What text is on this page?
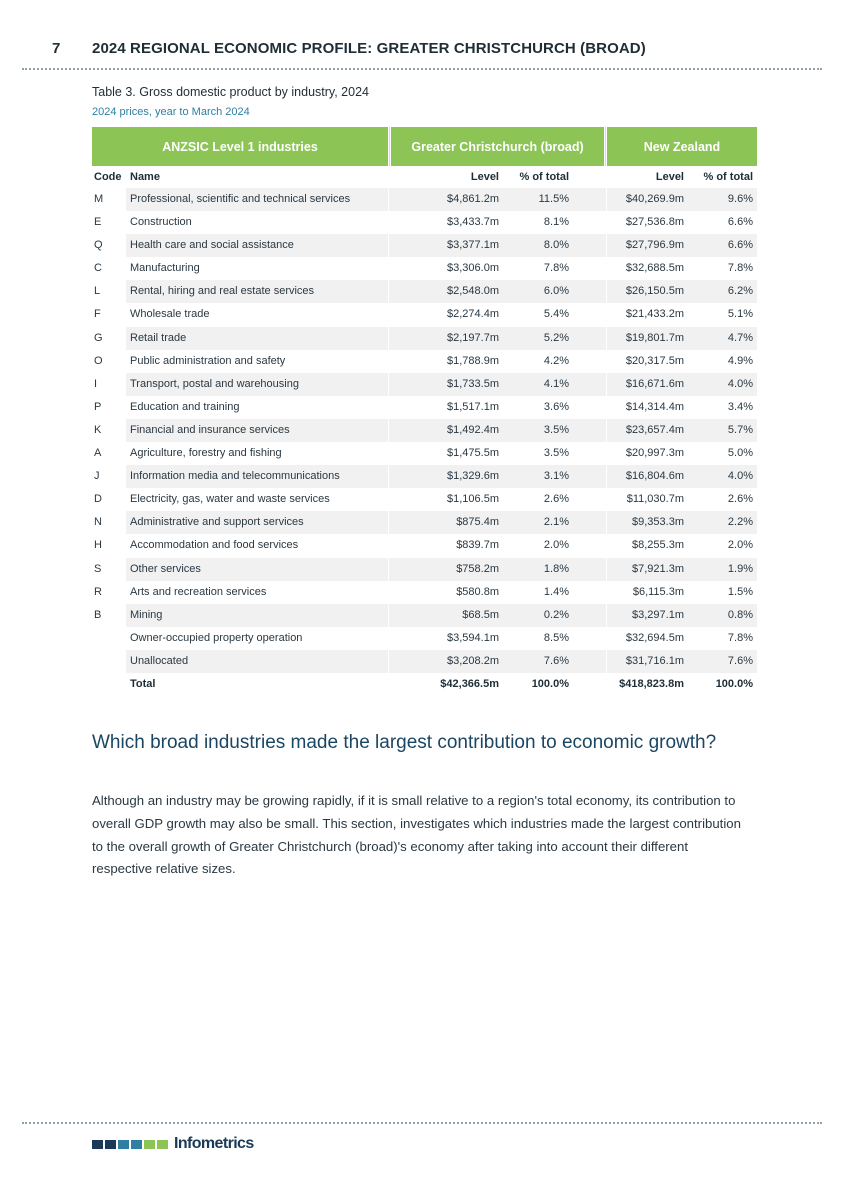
7 2024 REGIONAL ECONOMIC PROFILE: GREATER CHRISTCHURCH (BROAD)
Table 3. Gross domestic product by industry, 2024
2024 prices, year to March 2024
ANZSIC Level 1 industries	Greater Christchurch (broad)	New Zealand
Code Name	Level % of total	Level % of total
M Professional, scientific and technical services	$4,861.2m	11.5%	$40,269.9m	9.6%
E	Construction	$3,433.7m	8.1%	$27,536.8m	6.6%
Q Health care and social assistance	$3,377.1m	8.0%	$27,796.9m	6.6%
C	Manufacturing	$3,306.0m	7.8%	$32,688.5m	7.8%
L	Rental, hiring and real estate services	$2,548.0m	6.0%	$26,150.5m	6.2%
F	Wholesale trade	$2,274.4m	5.4%	$21,433.2m	5.1%
G Retail trade	$2,197.7m	5.2%	$19,801.7m	4.7%
O Public administration and safety	$1,788.9m	4.2%	$20,317.5m	4.9%
I	Transport, postal and warehousing	$1,733.5m	4.1%	$16,671.6m	4.0%
P	Education and training	$1,517.1m	3.6%	$14,314.4m	3.4%
K	Financial and insurance services	$1,492.4m	3.5%	$23,657.4m	5.7%
A	Agriculture, forestry and fishing	$1,475.5m	3.5%	$20,997.3m	5.0%
J	Information media and telecommunications	$1,329.6m	3.1%	$16,804.6m	4.0%
D	Electricity, gas, water and waste services	$1,106.5m	2.6%	$11,030.7m	2.6%
N	Administrative and support services	$875.4m	2.1%	$9,353.3m	2.2%
H	Accommodation and food services	$839.7m	2.0%	$8,255.3m	2.0%
S	Other services	$758.2m	1.8%	$7,921.3m	1.9%
R	Arts and recreation services	$580.8m	1.4%	$6,115.3m	1.5%
B	Mining	$68.5m	0.2%	$3,297.1m	0.8%
Owner-occupied property operation	$3,594.1m	8.5%	$32,694.5m	7.8%
Unallocated	$3,208.2m	7.6%	$31,716.1m	7.6%
Total	$42,366.5m	100.0%	$418,823.8m	100.0%
Which broad industries made the largest contribution to economic growth?
Although an industry may be growing rapidly, if it is small relative to a region's total economy, its contribution to overall GDP growth may also be small. This section, investigates which industries made the largest contribution to the overall growth of Greater Christchurch (broad)'s economy after taking into account their different respective relative sizes.
Infometrics
